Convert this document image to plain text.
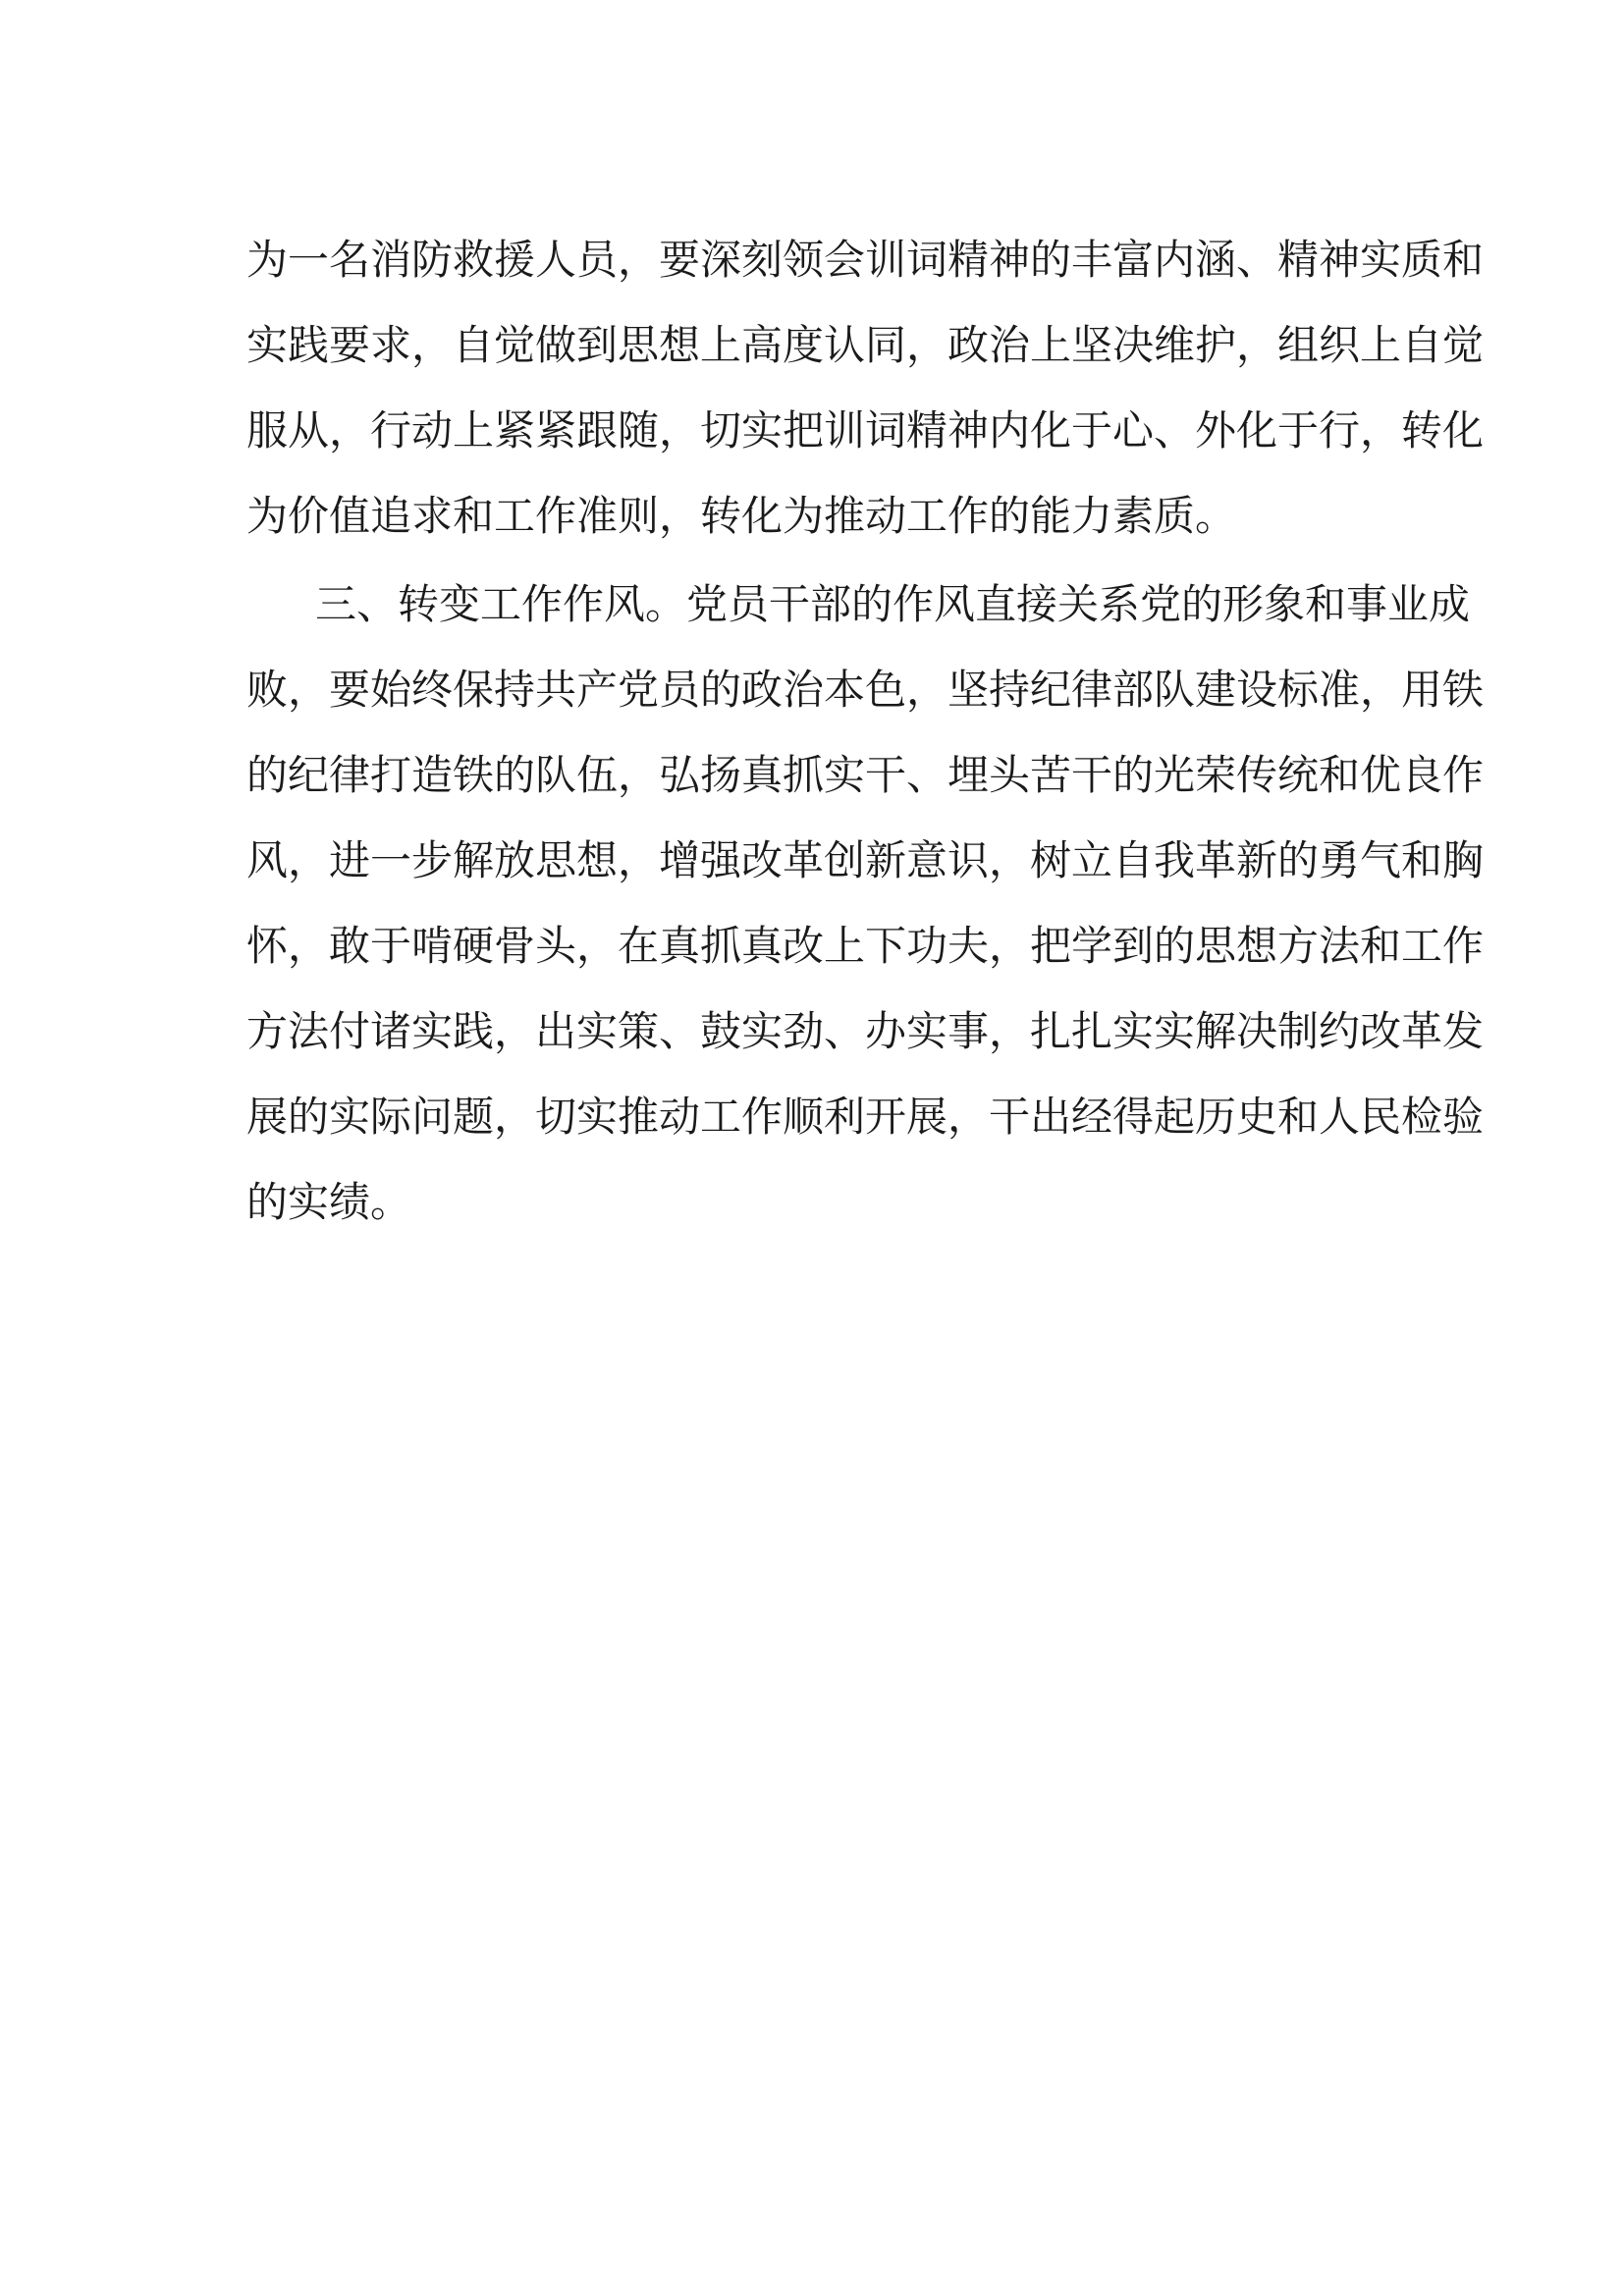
为一名消防救援人员，要深刻领会训词精神的丰富内涵、精神实质和
实践要求，自觉做到思想上高度认同，政治上坚决维护，组织上自觉
服从，行动上紧紧跟随，切实把训词精神内化于心、外化于行，转化
为价值追求和工作准则，转化为推动工作的能力素质。
三、转变工作作风。党员干部的作风直接关系党的形象和事业成
败，要始终保持共产党员的政治本色，坚持纪律部队建设标准，用铁
的纪律打造铁的队伍，弘扬真抓实干、埋头苦干的光荣传统和优良作
风，进一步解放思想，增强改革创新意识，树立自我革新的勇气和胸
怀，敢于啃硬骨头，在真抓真改上下功夫，把学到的思想方法和工作
方法付诸实践，出实策、鼓实劲、办实事，扎扎实实解决制约改革发
展的实际问题，切实推动工作顺利开展，干出经得起历史和人民检验
的实绩。
